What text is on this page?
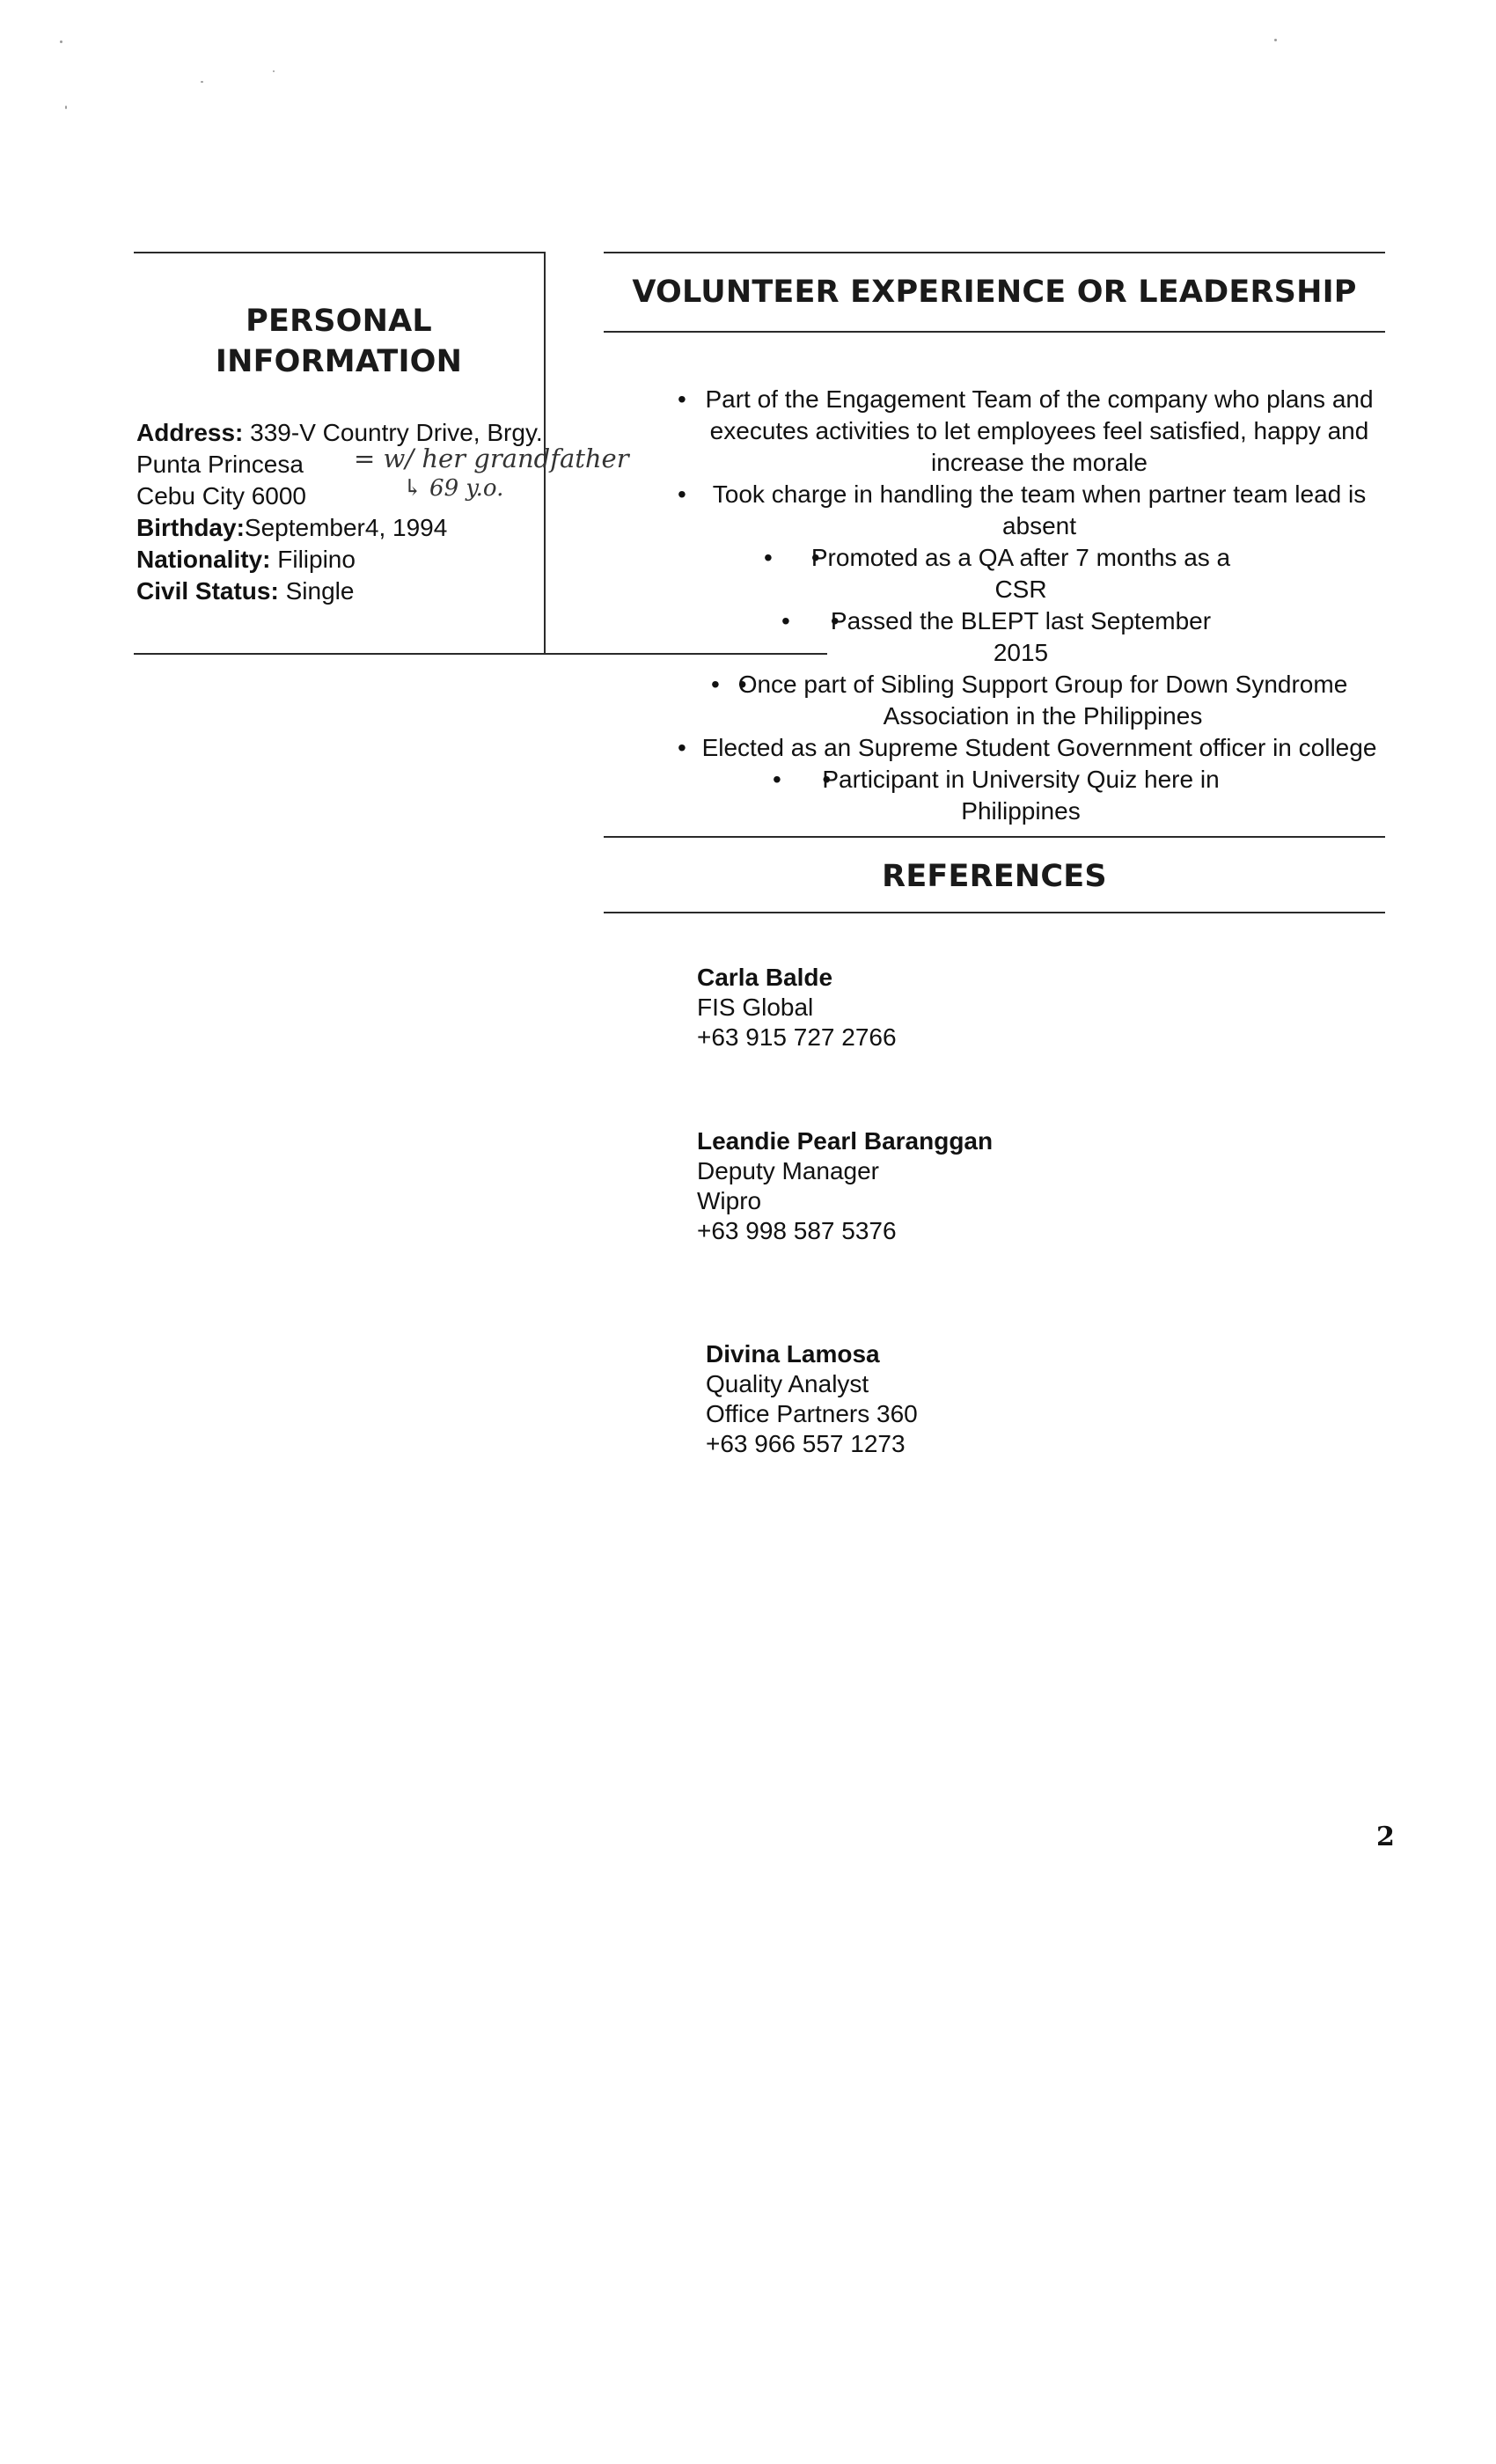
PERSONAL
INFORMATION
Address: 339-V Country Drive, Brgy.
Punta Princesa
Cebu City 6000
Birthday:September4, 1994
Nationality: Filipino
Civil Status: Single
= w/ her grandfather
↳ 69 y.o.
VOLUNTEER EXPERIENCE OR LEADERSHIP
• Part of the Engagement Team of the company who plans and executes activities to let employees feel satisfied, happy and increase the morale
• Took charge in handling the team when partner team lead is absent
• • Promoted as a QA after 7 months as a CSR
• • Passed the BLEPT last September 2015
• • Once part of Sibling Support Group for Down Syndrome Association in the Philippines
• Elected as an Supreme Student Government officer in college
• • Participant in University Quiz here in Philippines
REFERENCES
Carla Balde
FIS Global
+63 915 727 2766
Leandie Pearl Baranggan
Deputy Manager
Wipro
+63 998 587 5376
Divina Lamosa
Quality Analyst
Office Partners 360
+63 966 557 1273
2
